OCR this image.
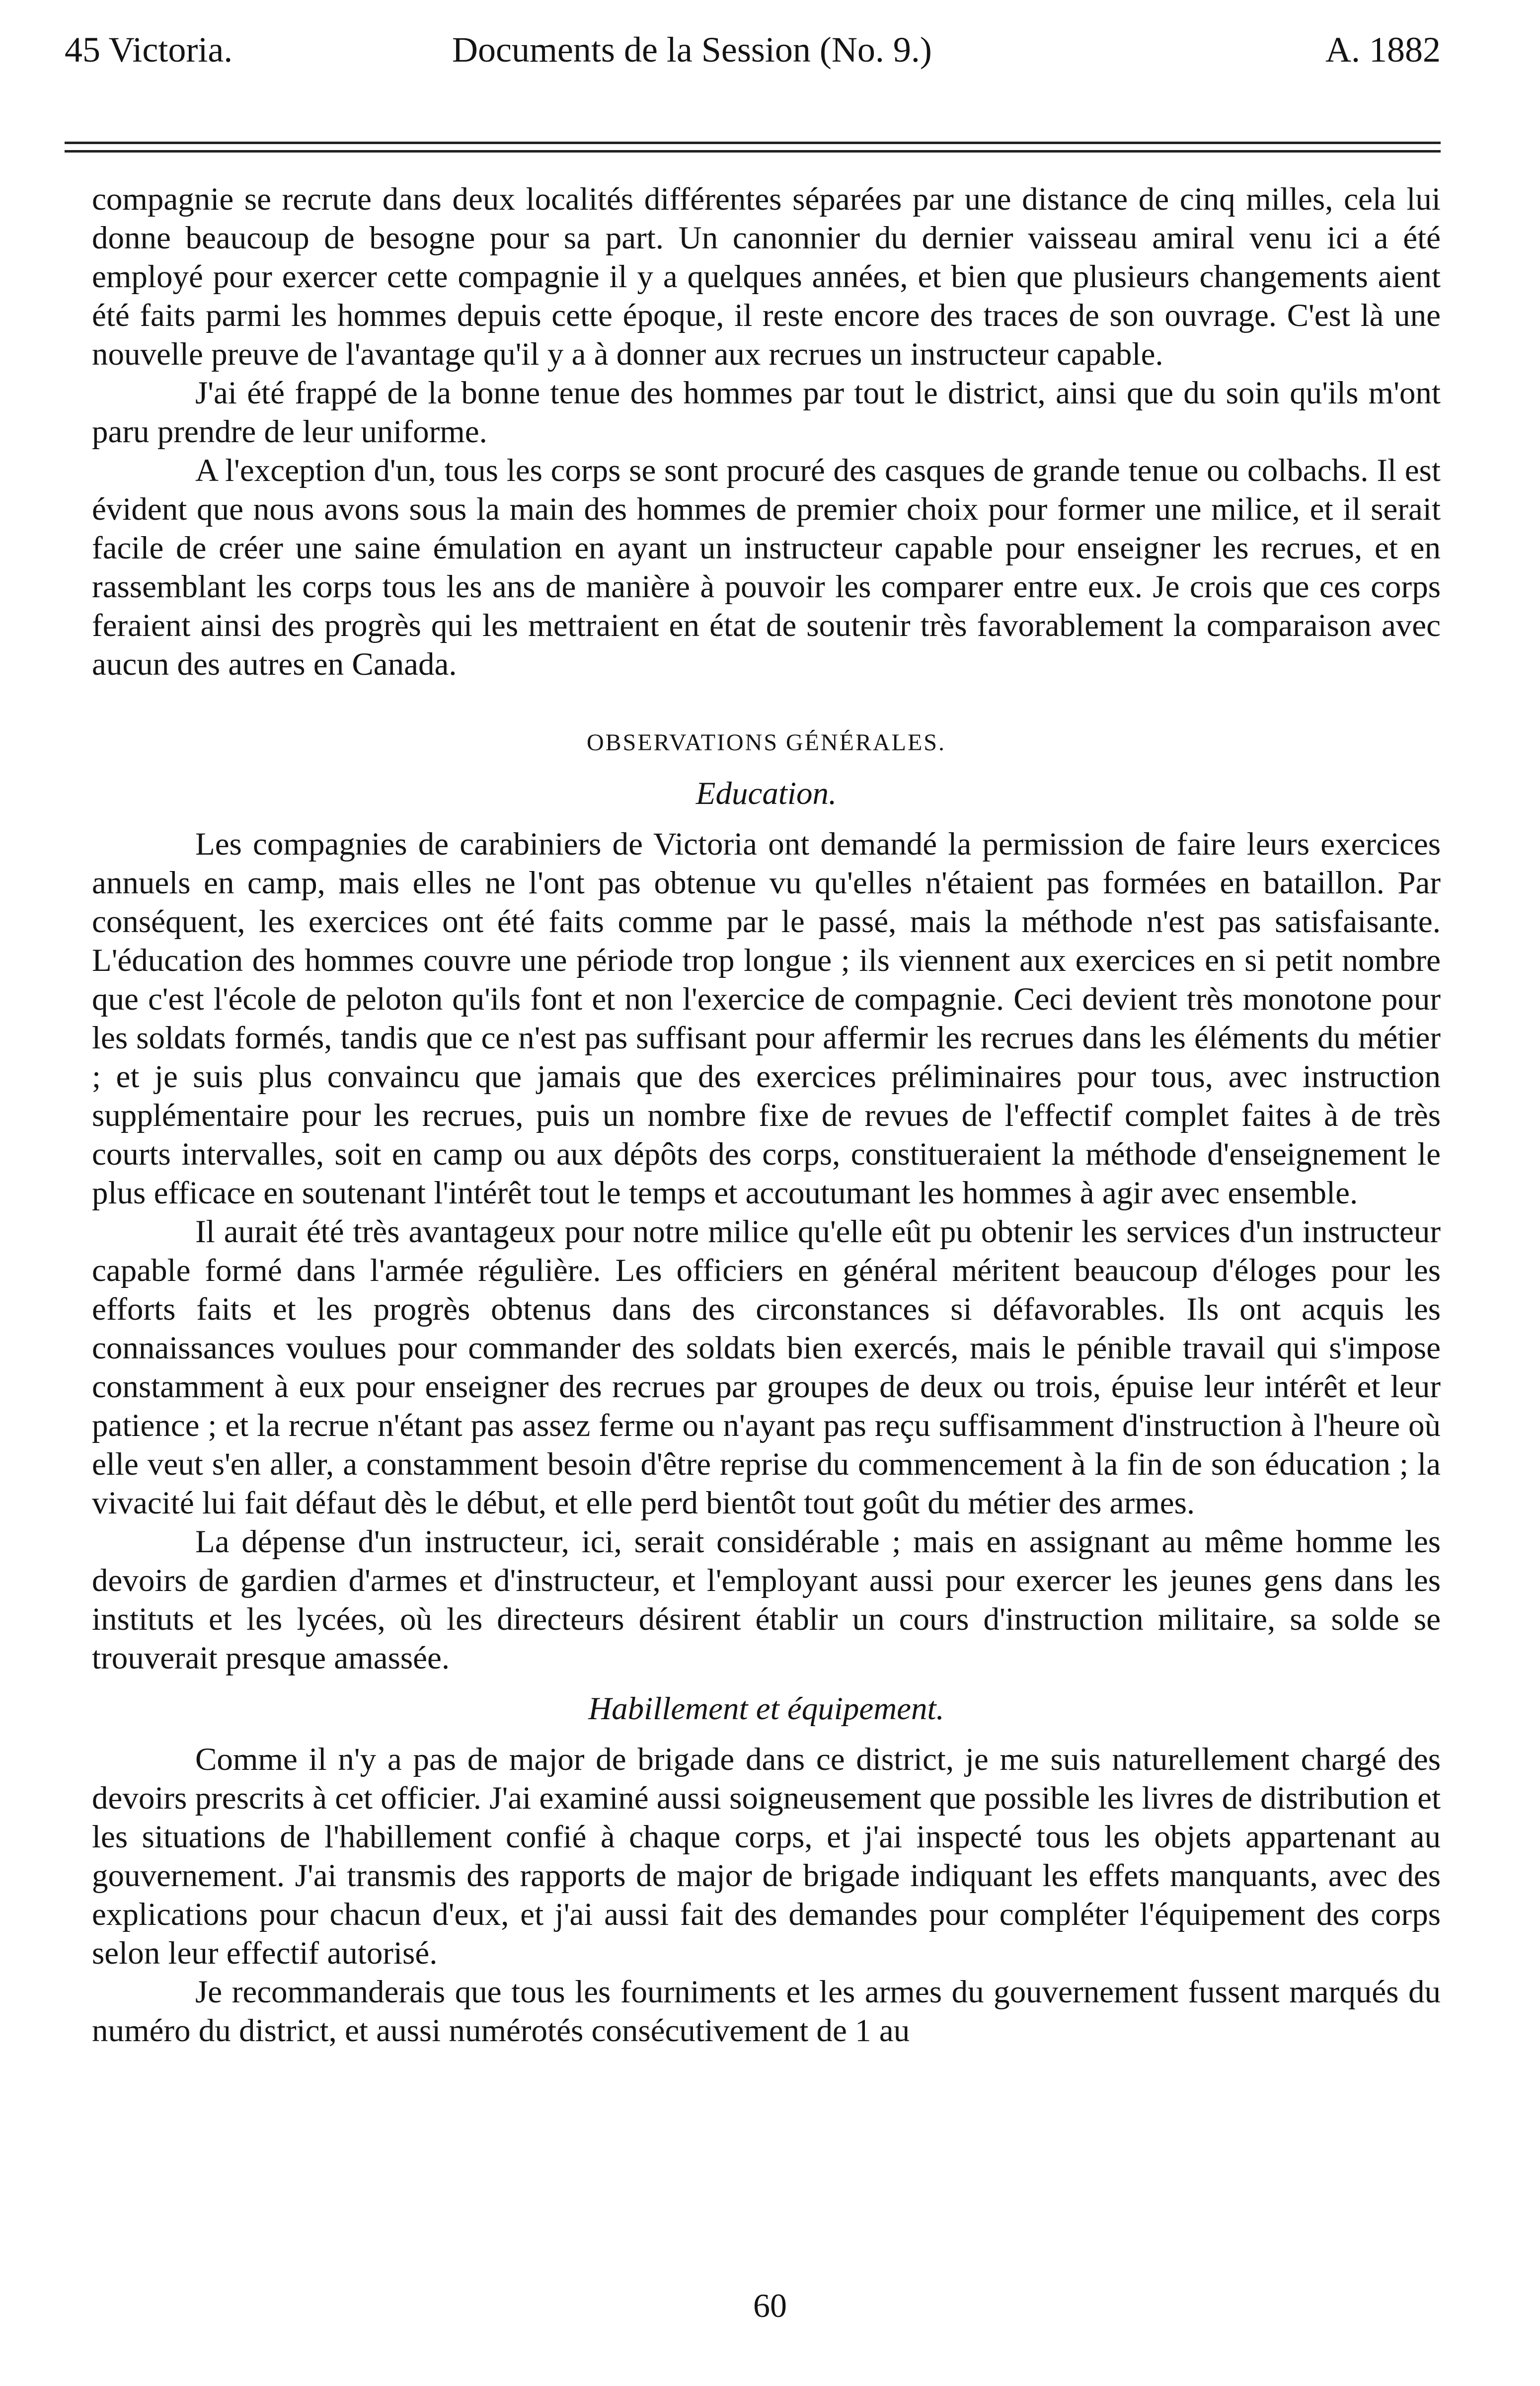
45 Victoria.	Documents de la Session (No. 9.)	A. 1882

compagnie se recrute dans deux localités différentes séparées par une distance de cinq milles, cela lui donne beaucoup de besogne pour sa part. Un canonnier du dernier vaisseau amiral venu ici a été employé pour exercer cette compagnie il y a quelques années, et bien que plusieurs changements aient été faits parmi les hommes depuis cette époque, il reste encore des traces de son ouvrage. C'est là une nouvelle preuve de l'avantage qu'il y a à donner aux recrues un instructeur capable.

J'ai été frappé de la bonne tenue des hommes par tout le district, ainsi que du soin qu'ils m'ont paru prendre de leur uniforme.

A l'exception d'un, tous les corps se sont procuré des casques de grande tenue ou colbachs. Il est évident que nous avons sous la main des hommes de premier choix pour former une milice, et il serait facile de créer une saine émulation en ayant un instructeur capable pour enseigner les recrues, et en rassemblant les corps tous les ans de manière à pouvoir les comparer entre eux. Je crois que ces corps feraient ainsi des progrès qui les mettraient en état de soutenir très favorablement la comparaison avec aucun des autres en Canada.

OBSERVATIONS GÉNÉRALES.
Education.

Les compagnies de carabiniers de Victoria ont demandé la permission de faire leurs exercices annuels en camp, mais elles ne l'ont pas obtenue vu qu'elles n'étaient pas formées en bataillon. Par conséquent, les exercices ont été faits comme par le passé, mais la méthode n'est pas satisfaisante. L'éducation des hommes couvre une période trop longue ; ils viennent aux exercices en si petit nombre que c'est l'école de peloton qu'ils font et non l'exercice de compagnie. Ceci devient très monotone pour les soldats formés, tandis que ce n'est pas suffisant pour affermir les recrues dans les éléments du métier ; et je suis plus convaincu que jamais que des exercices préliminaires pour tous, avec instruction supplémentaire pour les recrues, puis un nombre fixe de revues de l'effectif complet faites à de très courts intervalles, soit en camp ou aux dépôts des corps, constitueraient la méthode d'enseignement le plus efficace en soutenant l'intérêt tout le temps et accoutumant les hommes à agir avec ensemble.

Il aurait été très avantageux pour notre milice qu'elle eût pu obtenir les services d'un instructeur capable formé dans l'armée régulière. Les officiers en général méritent beaucoup d'éloges pour les efforts faits et les progrès obtenus dans des circonstances si défavorables. Ils ont acquis les connaissances voulues pour commander des soldats bien exercés, mais le pénible travail qui s'impose constamment à eux pour enseigner des recrues par groupes de deux ou trois, épuise leur intérêt et leur patience ; et la recrue n'étant pas assez ferme ou n'ayant pas reçu suffisamment d'instruction à l'heure où elle veut s'en aller, a constamment besoin d'être reprise du commencement à la fin de son éducation ; la vivacité lui fait défaut dès le début, et elle perd bientôt tout goût du métier des armes.

La dépense d'un instructeur, ici, serait considérable ; mais en assignant au même homme les devoirs de gardien d'armes et d'instructeur, et l'employant aussi pour exercer les jeunes gens dans les instituts et les lycées, où les directeurs désirent établir un cours d'instruction militaire, sa solde se trouverait presque amassée.

Habillement et équipement.

Comme il n'y a pas de major de brigade dans ce district, je me suis naturellement chargé des devoirs prescrits à cet officier. J'ai examiné aussi soigneusement que possible les livres de distribution et les situations de l'habillement confié à chaque corps, et j'ai inspecté tous les objets appartenant au gouvernement. J'ai transmis des rapports de major de brigade indiquant les effets manquants, avec des explications pour chacun d'eux, et j'ai aussi fait des demandes pour compléter l'équipement des corps selon leur effectif autorisé.

Je recommanderais que tous les fourniments et les armes du gouvernement fussent marqués du numéro du district, et aussi numérotés consécutivement de 1 au

60
